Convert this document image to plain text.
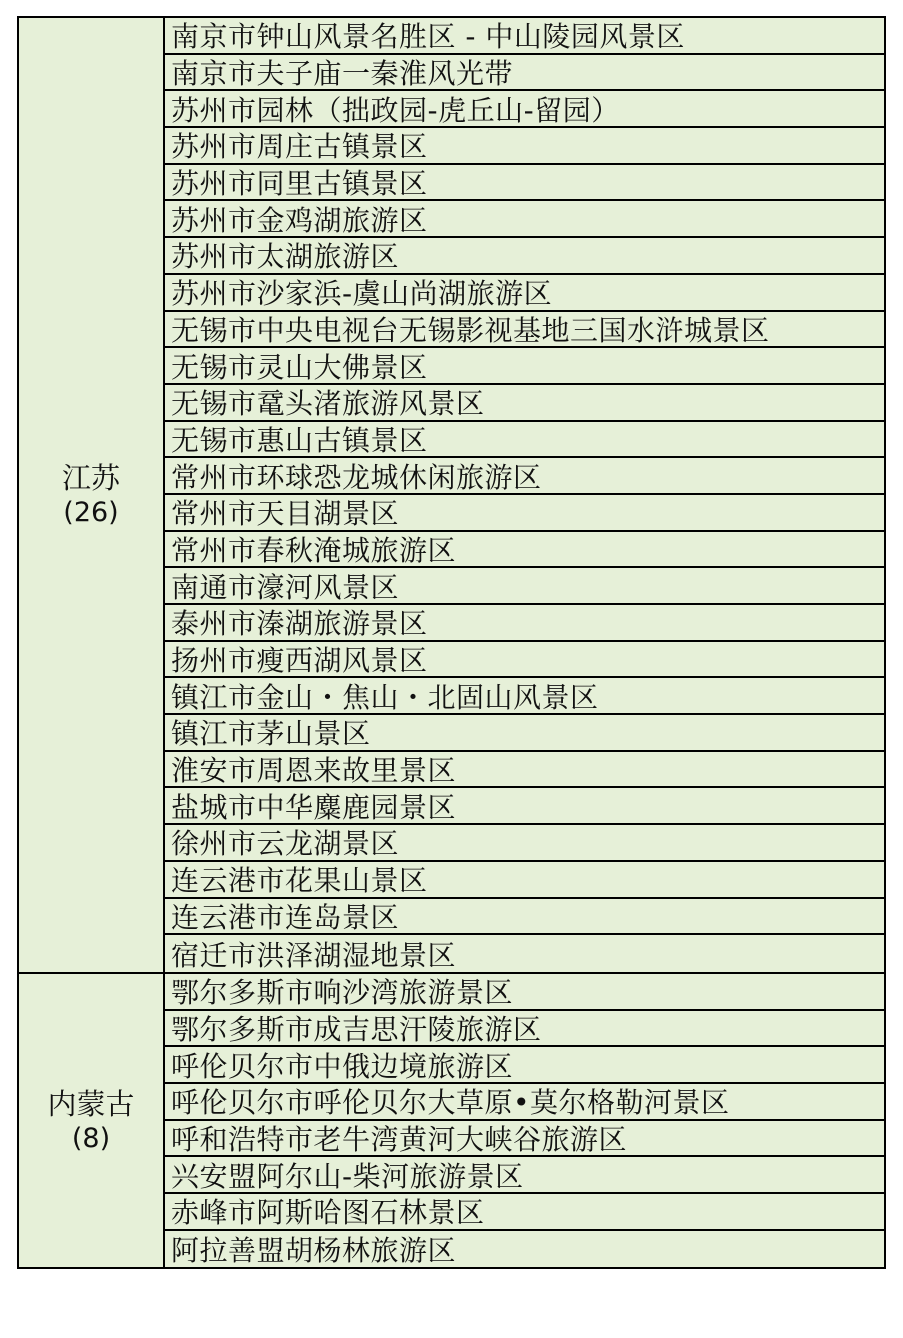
江苏
(26)
南京市钟山风景名胜区 - 中山陵园风景区
南京市夫子庙一秦淮风光带
苏州市园林（拙政园-虎丘山-留园）
苏州市周庄古镇景区
苏州市同里古镇景区
苏州市金鸡湖旅游区
苏州市太湖旅游区
苏州市沙家浜-虞山尚湖旅游区
无锡市中央电视台无锡影视基地三国水浒城景区
无锡市灵山大佛景区
无锡市鼋头渚旅游风景区
无锡市惠山古镇景区
常州市环球恐龙城休闲旅游区
常州市天目湖景区
常州市春秋淹城旅游区
南通市濠河风景区
泰州市溱湖旅游景区
扬州市瘦西湖风景区
镇江市金山・焦山・北固山风景区
镇江市茅山景区
淮安市周恩来故里景区
盐城市中华麋鹿园景区
徐州市云龙湖景区
连云港市花果山景区
连云港市连岛景区
宿迁市洪泽湖湿地景区
内蒙古
(8)
鄂尔多斯市响沙湾旅游景区
鄂尔多斯市成吉思汗陵旅游区
呼伦贝尔市中俄边境旅游区
呼伦贝尔市呼伦贝尔大草原•莫尔格勒河景区
呼和浩特市老牛湾黄河大峡谷旅游区
兴安盟阿尔山-柴河旅游景区
赤峰市阿斯哈图石林景区
阿拉善盟胡杨林旅游区
